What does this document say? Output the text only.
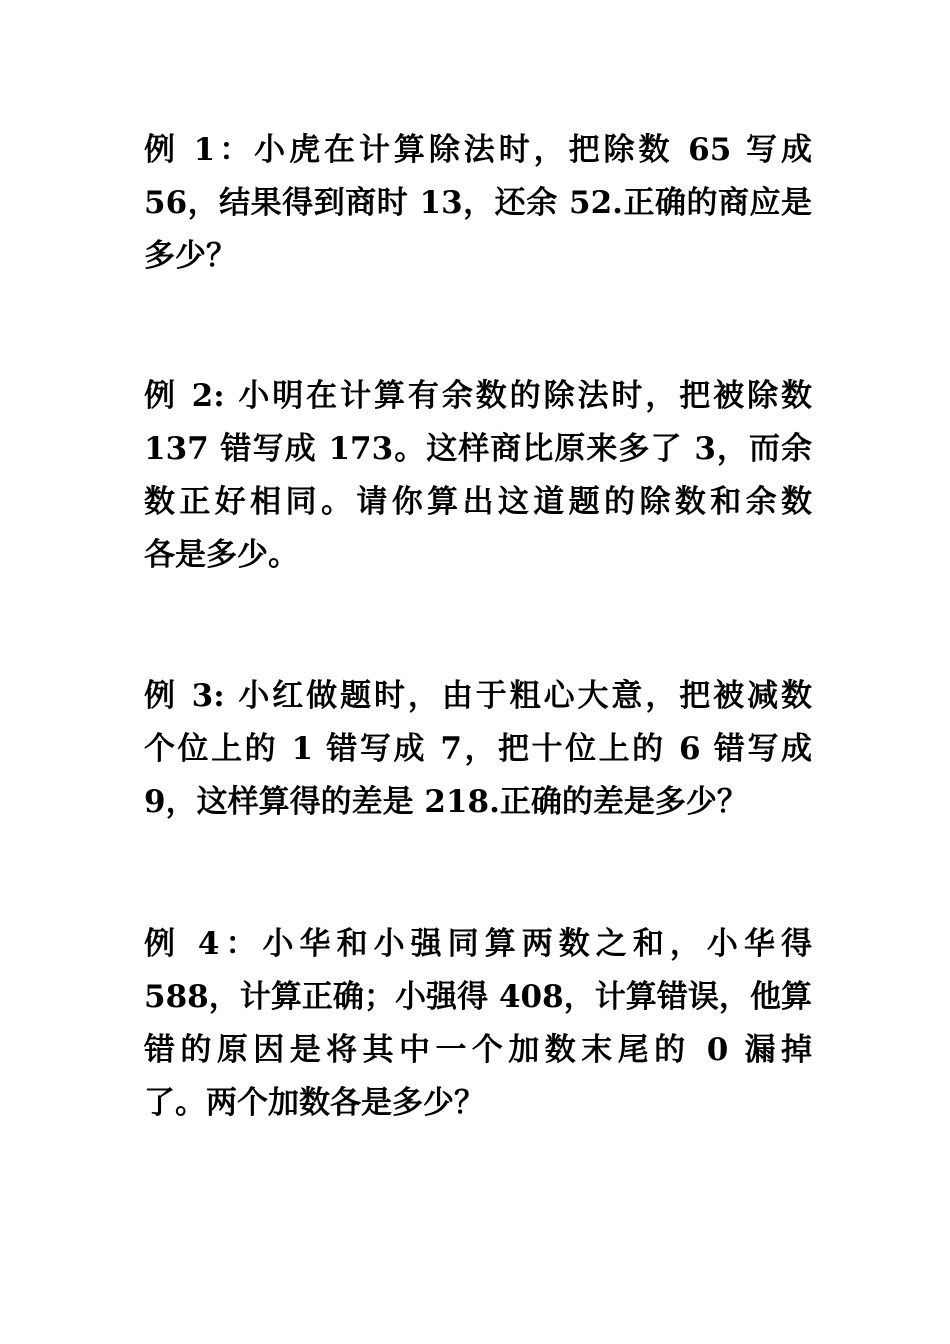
例 1：小虎在计算除法时，把除数 65 写成
56，结果得到商时 13，还余 52.正确的商应是
多少？
例 2: 小明在计算有余数的除法时，把被除数
137 错写成 173。这样商比原来多了 3，而余
数正好相同。请你算出这道题的除数和余数
各是多少。
例 3: 小红做题时，由于粗心大意，把被减数
个位上的 1 错写成 7，把十位上的 6 错写成
9，这样算得的差是 218.正确的差是多少？
例 4：小华和小强同算两数之和，小华得
588，计算正确；小强得 408，计算错误，他算
错的原因是将其中一个加数末尾的 0 漏掉
了。两个加数各是多少？
